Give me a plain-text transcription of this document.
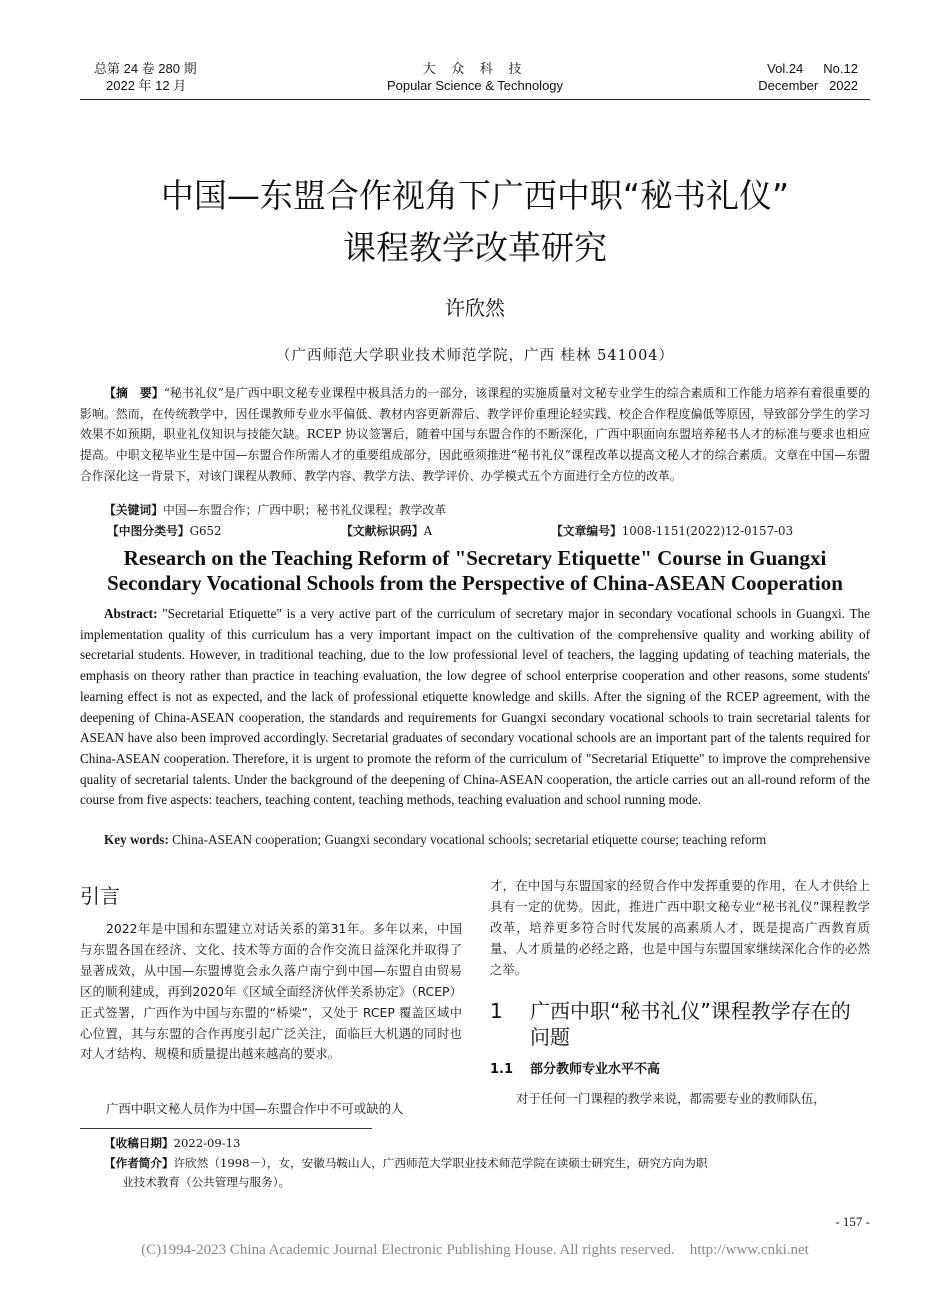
总第 24 卷 280 期
2022 年 12 月
大 众 科 技
Popular Science & Technology
Vol.24 No.12
December 2022
中国—东盟合作视角下广西中职“秘书礼仪”
课程教学改革研究
许欣然
（广西师范大学职业技术师范学院，广西 桂林 541004）
【摘　要】“秘书礼仪”是广西中职文秘专业课程中极具活力的一部分，该课程的实施质量对文秘专业学生的综合素质和工作能力培养有着很重要的影响。然而，在传统教学中，因任课教师专业水平偏低、教材内容更新滞后、教学评价重理论轻实践、校企合作程度偏低等原因，导致部分学生的学习效果不如预期，职业礼仪知识与技能欠缺。RCEP 协议签署后，随着中国与东盟合作的不断深化，广西中职面向东盟培养秘书人才的标准与要求也相应提高。中职文秘毕业生是中国—东盟合作所需人才的重要组成部分，因此亟须推进“秘书礼仪”课程改革以提高文秘人才的综合素质。文章在中国—东盟合作深化这一背景下，对该门课程从教师、教学内容、教学方法、教学评价、办学模式五个方面进行全方位的改革。
【关键词】中国—东盟合作；广西中职；秘书礼仪课程；教学改革
【中图分类号】G652	【文献标识码】A	【文章编号】1008-1151(2022)12-0157-03
Research on the Teaching Reform of "Secretary Etiquette" Course in Guangxi
Secondary Vocational Schools from the Perspective of China-ASEAN Cooperation
Abstract: "Secretarial Etiquette" is a very active part of the curriculum of secretary major in secondary vocational schools in Guangxi. The implementation quality of this curriculum has a very important impact on the cultivation of the comprehensive quality and working ability of secretarial students. However, in traditional teaching, due to the low professional level of teachers, the lagging updating of teaching materials, the emphasis on theory rather than practice in teaching evaluation, the low degree of school enterprise cooperation and other reasons, some students' learning effect is not as expected, and the lack of professional etiquette knowledge and skills. After the signing of the RCEP agreement, with the deepening of China-ASEAN cooperation, the standards and requirements for Guangxi secondary vocational schools to train secretarial talents for ASEAN have also been improved accordingly. Secretarial graduates of secondary vocational schools are an important part of the talents required for China-ASEAN cooperation. Therefore, it is urgent to promote the reform of the curriculum of "Secretarial Etiquette" to improve the comprehensive quality of secretarial talents. Under the background of the deepening of China-ASEAN cooperation, the article carries out an all-round reform of the course from five aspects: teachers, teaching content, teaching methods, teaching evaluation and school running mode.
Key words: China-ASEAN cooperation; Guangxi secondary vocational schools; secretarial etiquette course; teaching reform
引言
2022年是中国和东盟建立对话关系的第31年。多年以来，中国与东盟各国在经济、文化、技术等方面的合作交流日益深化并取得了显著成效，从中国—东盟博览会永久落户南宁到中国—东盟自由贸易区的顺利建成，再到2020年《区域全面经济伙伴关系协定》（RCEP）正式签署，广西作为中国与东盟的“桥梁”，又处于 RCEP 覆盖区域中心位置，其与东盟的合作再度引起广泛关注，面临巨大机遇的同时也对人才结构、规模和质量提出越来越高的要求。
广西中职文秘人员作为中国—东盟合作中不可或缺的人
才，在中国与东盟国家的经贸合作中发挥重要的作用，在人才供给上具有一定的优势。因此，推进广西中职文秘专业“秘书礼仪”课程教学改革，培养更多符合时代发展的高素质人才，既是提高广西教育质量、人才质量的必经之路，也是中国与东盟国家继续深化合作的必然之举。
1 广西中职“秘书礼仪”课程教学存在的问题
1.1 部分教师专业水平不高
对于任何一门课程的教学来说，都需要专业的教师队伍，
【收稿日期】2022-09-13
【作者简介】许欣然（1998－），女，安徽马鞍山人，广西师范大学职业技术师范学院在读硕士研究生，研究方向为职
业技术教育（公共管理与服务）。
- 157 -
(C)1994-2023 China Academic Journal Electronic Publishing House. All rights reserved.    http://www.cnki.net
